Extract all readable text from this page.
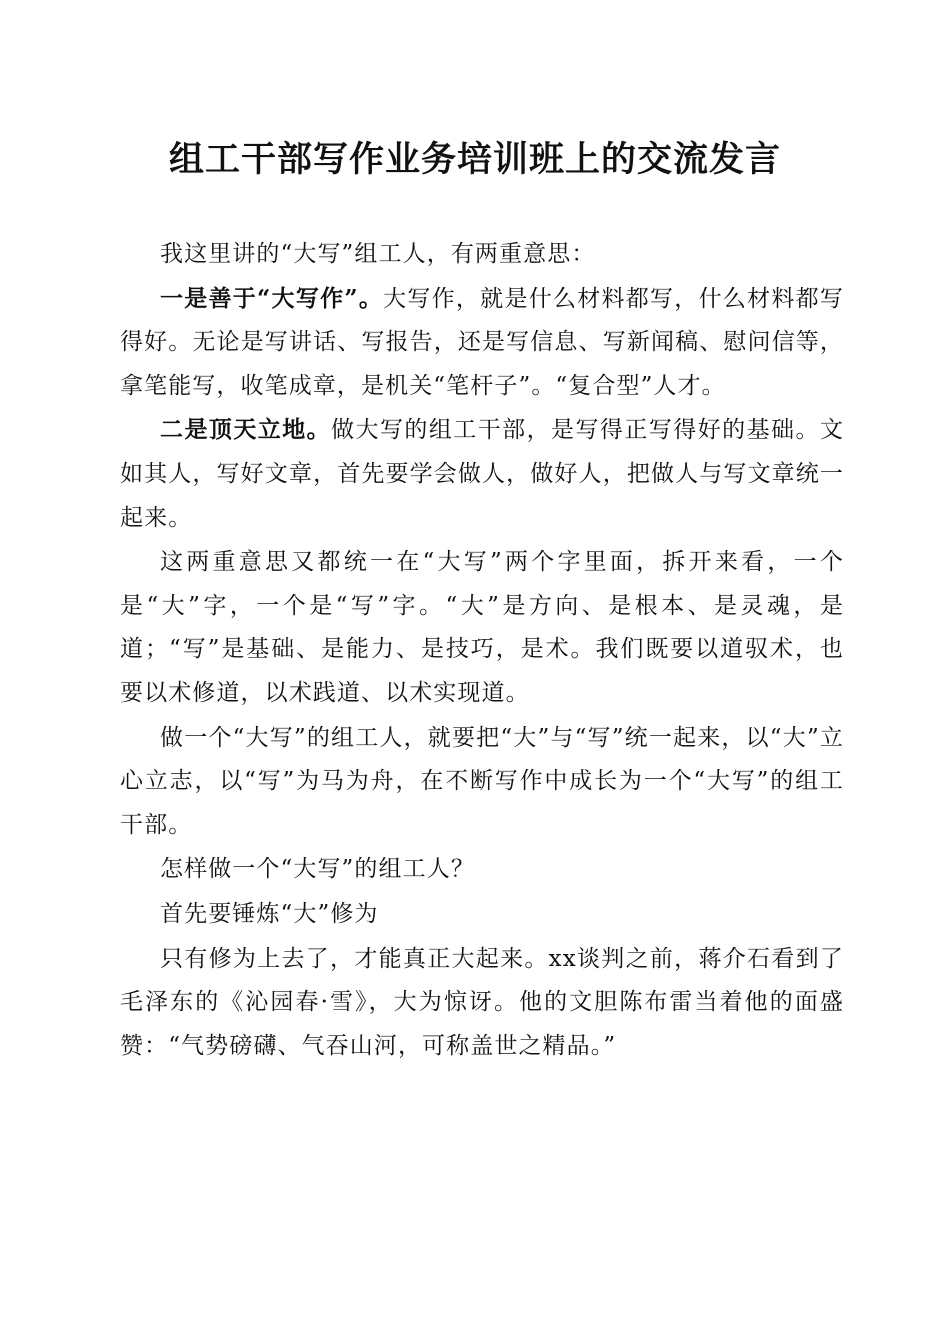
组工干部写作业务培训班上的交流发言

我这里讲的“大写”组工人，有两重意思：

一是善于“大写作”。大写作，就是什么材料都写，什么材料都写得好。无论是写讲话、写报告，还是写信息、写新闻稿、慰问信等，拿笔能写，收笔成章，是机关“笔杆子”。“复合型”人才。

二是顶天立地。做大写的组工干部，是写得正写得好的基础。文如其人，写好文章，首先要学会做人，做好人，把做人与写文章统一起来。

这两重意思又都统一在“大写”两个字里面，拆开来看，一个是“大”字，一个是“写”字。“大”是方向、是根本、是灵魂，是道；“写”是基础、是能力、是技巧，是术。我们既要以道驭术，也要以术修道，以术践道、以术实现道。

做一个“大写”的组工人，就要把“大”与“写”统一起来，以“大”立心立志，以“写”为马为舟，在不断写作中成长为一个“大写”的组工干部。

怎样做一个“大写”的组工人？

首先要锤炼“大”修为

只有修为上去了，才能真正大起来。xx谈判之前，蒋介石看到了毛泽东的《沁园春·雪》，大为惊讶。他的文胆陈布雷当着他的面盛赞：“气势磅礴、气吞山河，可称盖世之精品。”
